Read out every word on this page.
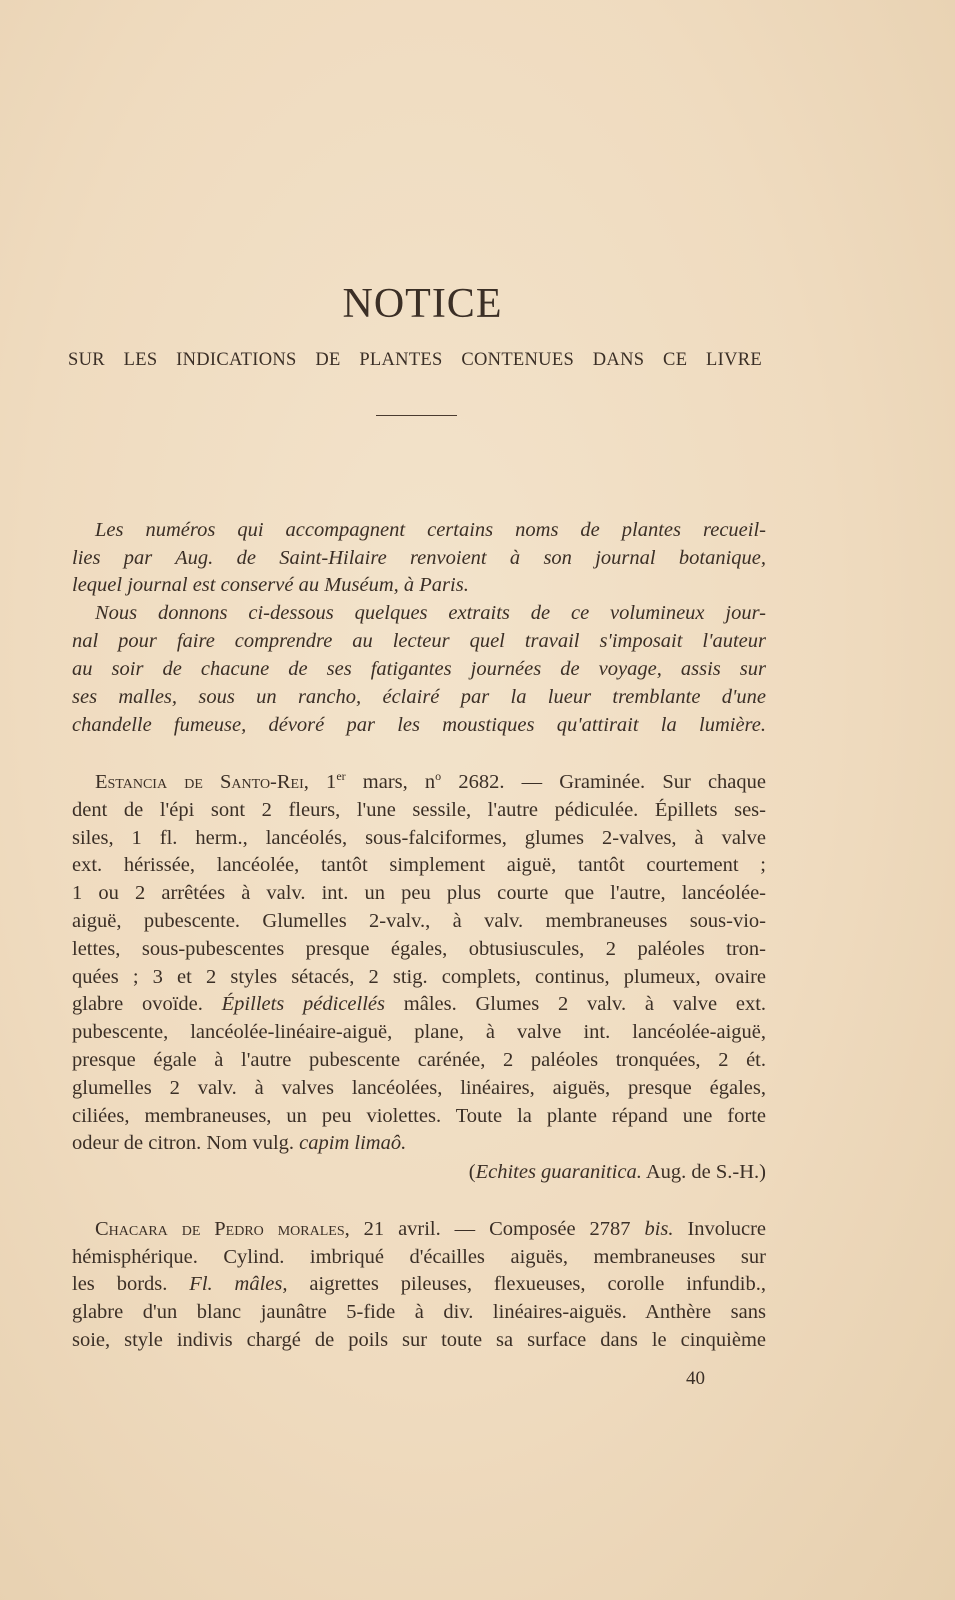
NOTICE
SUR LES INDICATIONS DE PLANTES CONTENUES DANS CE LIVRE
Les numéros qui accompagnent certains noms de plantes recueil-
lies par Aug. de Saint-Hilaire renvoient à son journal botanique,
lequel journal est conservé au Muséum, à Paris.
Nous donnons ci-dessous quelques extraits de ce volumineux jour-
nal pour faire comprendre au lecteur quel travail s'imposait l'auteur
au soir de chacune de ses fatigantes journées de voyage, assis sur
ses malles, sous un rancho, éclairé par la lueur tremblante d'une
chandelle fumeuse, dévoré par les moustiques qu'attirait la lumière.
Estancia de Santo-Rei, 1er mars, $n^o$ 2682. — Graminée. Sur chaque
dent de l'épi sont 2 fleurs, l'une sessile, l'autre pédiculée. Épillets ses-
siles, 1 fl. herm., lancéolés, sous-falciformes, glumes 2-valves, à valve
ext. hérissée, lancéolée, tantôt simplement aiguë, tantôt courtement ;
1 ou 2 arrêtées à valv. int. un peu plus courte que l'autre, lancéolée-
aiguë, pubescente. Glumelles 2-valv., à valv. membraneuses sous-vio-
lettes, sous-pubescentes presque égales, obtusiuscules, 2 paléoles tron-
quées ; 3 et 2 styles sétacés, 2 stig. complets, continus, plumeux, ovaire
glabre ovoïde. Épillets pédicellés mâles. Glumes 2 valv. à valve ext.
pubescente, lancéolée-linéaire-aiguë, plane, à valve int. lancéolée-aiguë,
presque égale à l'autre pubescente carénée, 2 paléoles tronquées, 2 ét.
glumelles 2 valv. à valves lancéolées, linéaires, aiguës, presque égales,
ciliées, membraneuses, un peu violettes. Toute la plante répand une forte
odeur de citron. Nom vulg. capim limaô.
(Echites guaranitica. Aug. de S.-H.)
Chacara de Pedro morales, 21 avril. — Composée 2787 bis. Involucre
hémisphérique. Cylind. imbriqué d'écailles aiguës, membraneuses sur
les bords. Fl. mâles, aigrettes pileuses, flexueuses, corolle infundib.,
glabre d'un blanc jaunâtre 5-fide à div. linéaires-aiguës. Anthère sans
soie, style indivis chargé de poils sur toute sa surface dans le cinquième
40
